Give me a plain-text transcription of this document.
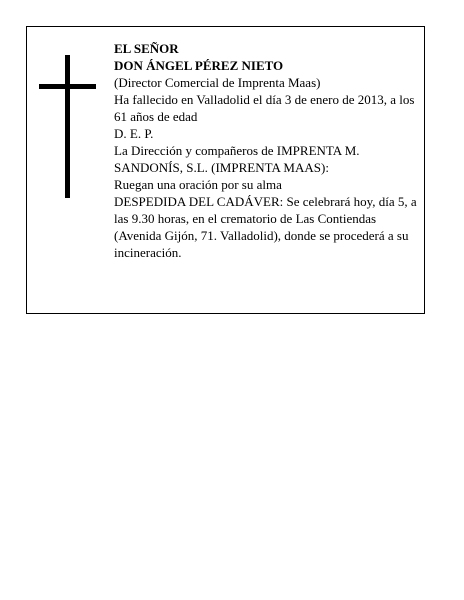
EL SEÑOR
DON ÁNGEL PÉREZ NIETO
(Director Comercial de Imprenta Maas)
Ha fallecido en Valladolid el día 3 de enero de 2013, a los 61 años de edad
D. E. P.
La Dirección y compañeros de IMPRENTA M. SANDONÍS, S.L. (IMPRENTA MAAS):
Ruegan una oración por su alma
DESPEDIDA DEL CADÁVER: Se celebrará hoy, día 5, a las 9.30 horas, en el crematorio de Las Contiendas (Avenida Gijón, 71. Valladolid), donde se procederá a su incineración.
